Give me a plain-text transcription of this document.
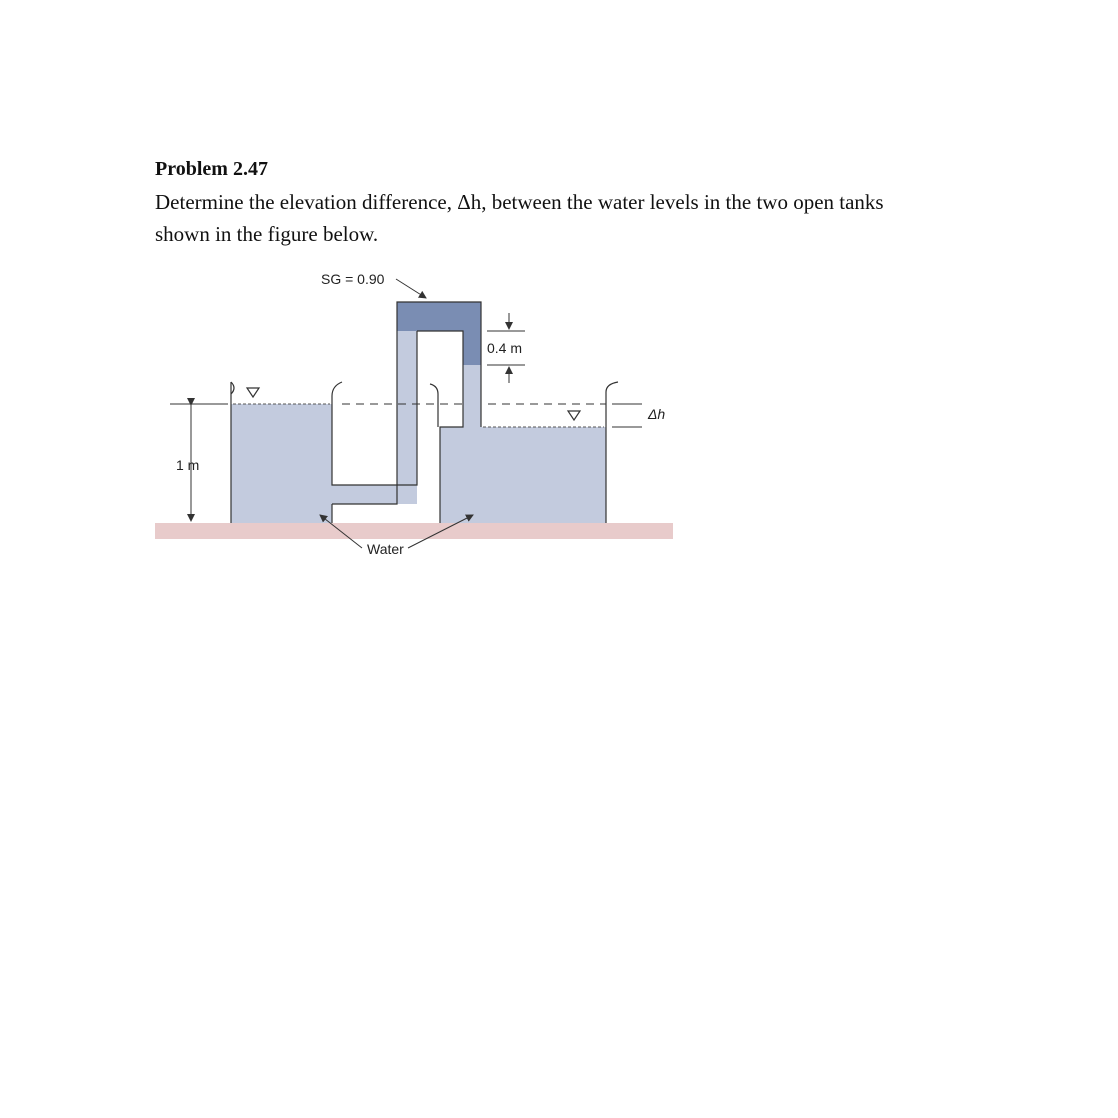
Problem 2.47

Determine the elevation difference, Δh, between the water levels in the two open tanks
shown in the figure below.

1 m
0.4 m
Δh
SG = 0.90
Water
